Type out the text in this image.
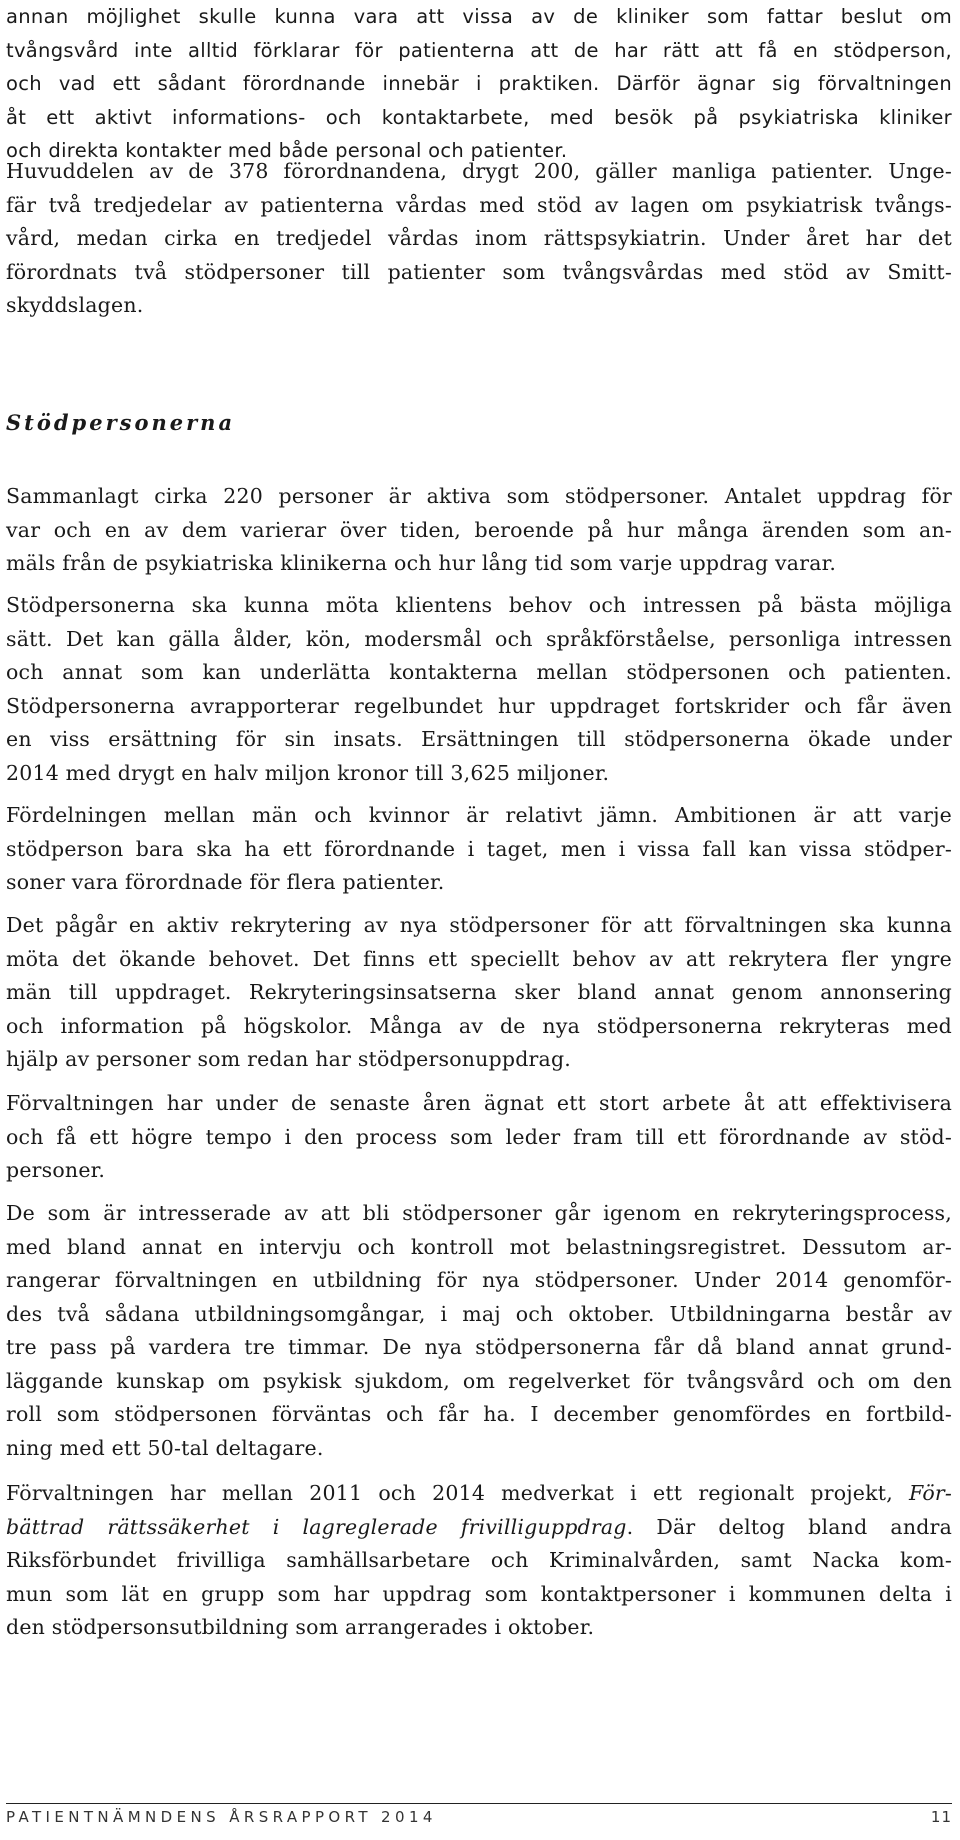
annan möjlighet skulle kunna vara att vissa av de kliniker som fattar beslut om
tvångsvård inte alltid förklarar för patienterna att de har rätt att få en stödperson,
och vad ett sådant förordnande innebär i praktiken. Därför ägnar sig förvaltningen
åt ett aktivt informations- och kontaktarbete, med besök på psykiatriska kliniker
och direkta kontakter med både personal och patienter.
Huvuddelen av de 378 förordnandena, drygt 200, gäller manliga patienter. Unge-
fär två tredjedelar av patienterna vårdas med stöd av lagen om psykiatrisk tvångs-
vård, medan cirka en tredjedel vårdas inom rättspsykiatrin. Under året har det
förordnats två stödpersoner till patienter som tvångsvårdas med stöd av Smitt-
skyddslagen.
Stödpersonerna
Sammanlagt cirka 220 personer är aktiva som stödpersoner. Antalet uppdrag för
var och en av dem varierar över tiden, beroende på hur många ärenden som an-
mäls från de psykiatriska klinikerna och hur lång tid som varje uppdrag varar.
Stödpersonerna ska kunna möta klientens behov och intressen på bästa möjliga
sätt. Det kan gälla ålder, kön, modersmål och språkförståelse, personliga intressen
och annat som kan underlätta kontakterna mellan stödpersonen och patienten.
Stödpersonerna avrapporterar regelbundet hur uppdraget fortskrider och får även
en viss ersättning för sin insats. Ersättningen till stödpersonerna ökade under
2014 med drygt en halv miljon kronor till 3,625 miljoner.
Fördelningen mellan män och kvinnor är relativt jämn. Ambitionen är att varje
stödperson bara ska ha ett förordnande i taget, men i vissa fall kan vissa stödper-
soner vara förordnade för flera patienter.
Det pågår en aktiv rekrytering av nya stödpersoner för att förvaltningen ska kunna
möta det ökande behovet. Det finns ett speciellt behov av att rekrytera fler yngre
män till uppdraget. Rekryteringsinsatserna sker bland annat genom annonsering
och information på högskolor. Många av de nya stödpersonerna rekryteras med
hjälp av personer som redan har stödpersonuppdrag.
Förvaltningen har under de senaste åren ägnat ett stort arbete åt att effektivisera
och få ett högre tempo i den process som leder fram till ett förordnande av stöd-
personer.
De som är intresserade av att bli stödpersoner går igenom en rekryteringsprocess,
med bland annat en intervju och kontroll mot belastningsregistret. Dessutom ar-
rangerar förvaltningen en utbildning för nya stödpersoner. Under 2014 genomför-
des två sådana utbildningsomgångar, i maj och oktober. Utbildningarna består av
tre pass på vardera tre timmar. De nya stödpersonerna får då bland annat grund-
läggande kunskap om psykisk sjukdom, om regelverket för tvångsvård och om den
roll som stödpersonen förväntas och får ha. I december genomfördes en fortbild-
ning med ett 50-tal deltagare.
Förvaltningen har mellan 2011 och 2014 medverkat i ett regionalt projekt, För-
bättrad rättssäkerhet i lagreglerade frivilliguppdrag. Där deltog bland andra
Riksförbundet frivilliga samhällsarbetare och Kriminalvården, samt Nacka kom-
mun som lät en grupp som har uppdrag som kontaktpersoner i kommunen delta i
den stödpersonsutbildning som arrangerades i oktober.
PATIENTNÄMNDENS ÅRSRAPPORT 2014	11
